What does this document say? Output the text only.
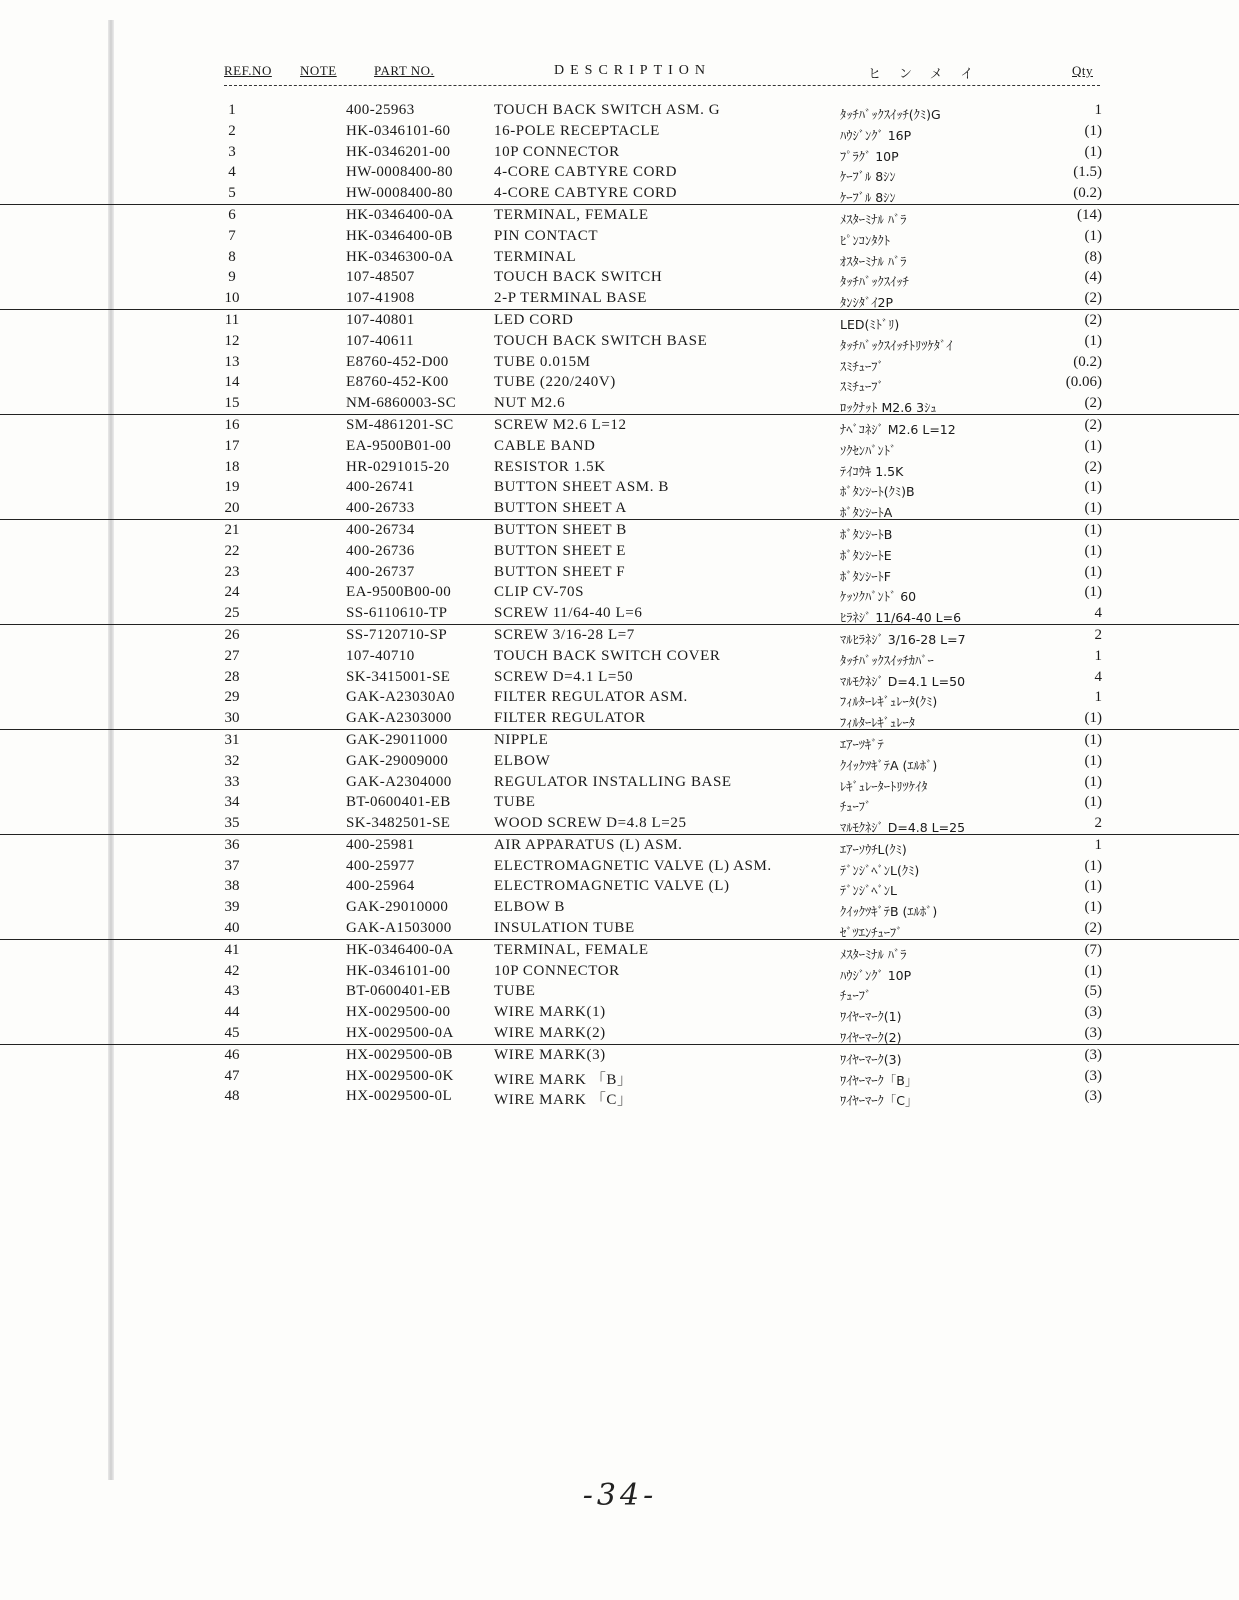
REF.NO NOTE	PART NO.	DESCRIPTION	ヒンメイ	Qty
1	400-25963	TOUCH BACK SWITCH ASM. G	ﾀｯﾁﾊﾞｯｸｽｲｯﾁ(ｸﾐ)G	1
2	HK-0346101-60	16-POLE RECEPTACLE	ﾊｳｼﾞﾝｸﾞ 16P	(1)
3	HK-0346201-00	10P CONNECTOR	ﾌﾟﾗｸﾞ 10P	(1)
4	HW-0008400-80	4-CORE CABTYRE CORD	ｹｰﾌﾞﾙ 8ｼﾝ	(1.5)
5	HW-0008400-80	4-CORE CABTYRE CORD	ｹｰﾌﾞﾙ 8ｼﾝ	(0.2)
6	HK-0346400-0A	TERMINAL, FEMALE	ﾒｽﾀｰﾐﾅﾙ ﾊﾞﾗ	(14)
7	HK-0346400-0B	PIN CONTACT	ﾋﾟﾝｺﾝﾀｸﾄ	(1)
8	HK-0346300-0A	TERMINAL	ｵｽﾀｰﾐﾅﾙ ﾊﾞﾗ	(8)
9	107-48507	TOUCH BACK SWITCH	ﾀｯﾁﾊﾞｯｸｽｲｯﾁ	(4)
10	107-41908	2-P TERMINAL BASE	ﾀﾝｼﾀﾞｲ2P	(2)
11	107-40801	LED CORD	LED(ﾐﾄﾞﾘ)	(2)
12	107-40611	TOUCH BACK SWITCH BASE	ﾀｯﾁﾊﾞｯｸｽｲｯﾁﾄﾘﾂｹﾀﾞｲ	(1)
13	E8760-452-D00	TUBE 0.015M	ｽﾐﾁｭｰﾌﾞ	(0.2)
14	E8760-452-K00	TUBE (220/240V)	ｽﾐﾁｭｰﾌﾞ	(0.06)
15	NM-6860003-SC	NUT M2.6	ﾛｯｸﾅｯﾄ M2.6 3ｼｭ	(2)
16	SM-4861201-SC	SCREW M2.6 L=12	ﾅﾍﾞｺﾈｼﾞ M2.6 L=12	(2)
17	EA-9500B01-00	CABLE BAND	ｿｸｾﾝﾊﾞﾝﾄﾞ	(1)
18	HR-0291015-20	RESISTOR 1.5K	ﾃｲｺｳｷ 1.5K	(2)
19	400-26741	BUTTON SHEET ASM. B	ﾎﾞﾀﾝｼｰﾄ(ｸﾐ)B	(1)
20	400-26733	BUTTON SHEET A	ﾎﾞﾀﾝｼｰﾄA	(1)
21	400-26734	BUTTON SHEET B	ﾎﾞﾀﾝｼｰﾄB	(1)
22	400-26736	BUTTON SHEET E	ﾎﾞﾀﾝｼｰﾄE	(1)
23	400-26737	BUTTON SHEET F	ﾎﾞﾀﾝｼｰﾄF	(1)
24	EA-9500B00-00	CLIP CV-70S	ｹｯｿｸﾊﾞﾝﾄﾞ 60	(1)
25	SS-6110610-TP	SCREW 11/64-40 L=6	ﾋﾗﾈｼﾞ 11/64-40 L=6	4
26	SS-7120710-SP	SCREW 3/16-28 L=7	ﾏﾙﾋﾗﾈｼﾞ 3/16-28 L=7	2
27	107-40710	TOUCH BACK SWITCH COVER	ﾀｯﾁﾊﾞｯｸｽｲｯﾁｶﾊﾞｰ	1
28	SK-3415001-SE	SCREW D=4.1 L=50	ﾏﾙﾓｸﾈｼﾞ D=4.1 L=50	4
29	GAK-A23030A0	FILTER REGULATOR ASM.	ﾌｨﾙﾀｰﾚｷﾞｭﾚｰﾀ(ｸﾐ)	1
30	GAK-A2303000	FILTER REGULATOR	ﾌｨﾙﾀｰﾚｷﾞｭﾚｰﾀ	(1)
31	GAK-29011000	NIPPLE	ｴｱｰﾂｷﾞﾃ	(1)
32	GAK-29009000	ELBOW	ｸｲｯｸﾂｷﾞﾃA (ｴﾙﾎﾞ)	(1)
33	GAK-A2304000	REGULATOR INSTALLING BASE	ﾚｷﾞｭﾚｰﾀｰﾄﾘﾂｹｲﾀ	(1)
34	BT-0600401-EB	TUBE	ﾁｭｰﾌﾞ	(1)
35	SK-3482501-SE	WOOD SCREW D=4.8 L=25	ﾏﾙﾓｸﾈｼﾞ D=4.8 L=25	2
36	400-25981	AIR APPARATUS (L) ASM.	ｴｱｰｿｳﾁL(ｸﾐ)	1
37	400-25977	ELECTROMAGNETIC VALVE (L) ASM.	ﾃﾞﾝｼﾞﾍﾞﾝL(ｸﾐ)	(1)
38	400-25964	ELECTROMAGNETIC VALVE (L)	ﾃﾞﾝｼﾞﾍﾞﾝL	(1)
39	GAK-29010000	ELBOW B	ｸｲｯｸﾂｷﾞﾃB (ｴﾙﾎﾞ)	(1)
40	GAK-A1503000	INSULATION TUBE	ｾﾞﾂｴﾝﾁｭｰﾌﾞ	(2)
41	HK-0346400-0A	TERMINAL, FEMALE	ﾒｽﾀｰﾐﾅﾙ ﾊﾞﾗ	(7)
42	HK-0346101-00	10P CONNECTOR	ﾊｳｼﾞﾝｸﾞ 10P	(1)
43	BT-0600401-EB	TUBE	ﾁｭｰﾌﾞ	(5)
44	HX-0029500-00	WIRE MARK(1)	ﾜｲﾔｰﾏｰｸ(1)	(3)
45	HX-0029500-0A	WIRE MARK(2)	ﾜｲﾔｰﾏｰｸ(2)	(3)
46	HX-0029500-0B	WIRE MARK(3)	ﾜｲﾔｰﾏｰｸ(3)	(3)
47	HX-0029500-0K	WIRE MARK 「B」	ﾜｲﾔｰﾏｰｸ「B」	(3)
48	HX-0029500-0L	WIRE MARK 「C」	ﾜｲﾔｰﾏｰｸ「C」	(3)
-34-
